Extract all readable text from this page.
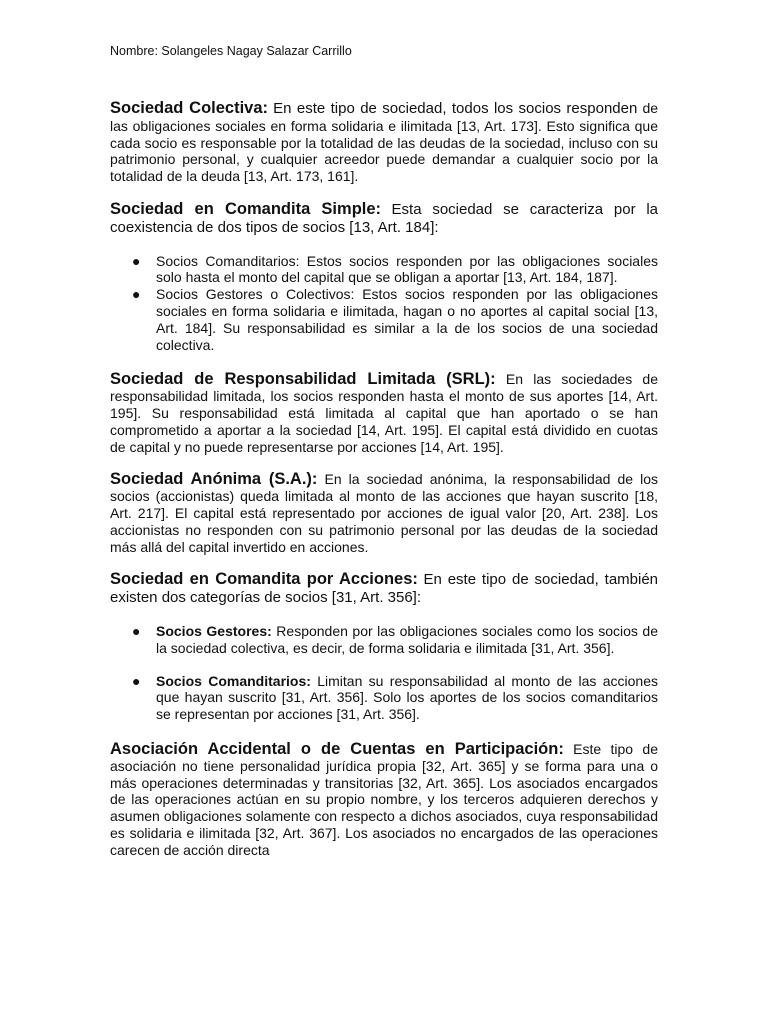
Nombre: Solangeles Nagay Salazar Carrillo

Sociedad Colectiva: En este tipo de sociedad, todos los socios responden de las obligaciones sociales en forma solidaria e ilimitada [13, Art. 173]. Esto significa que cada socio es responsable por la totalidad de las deudas de la sociedad, incluso con su patrimonio personal, y cualquier acreedor puede demandar a cualquier socio por la totalidad de la deuda [13, Art. 173, 161].

Sociedad en Comandita Simple: Esta sociedad se caracteriza por la coexistencia de dos tipos de socios [13, Art. 184]:

● Socios Comanditarios: Estos socios responden por las obligaciones sociales solo hasta el monto del capital que se obligan a aportar [13, Art. 184, 187].
● Socios Gestores o Colectivos: Estos socios responden por las obligaciones sociales en forma solidaria e ilimitada, hagan o no aportes al capital social [13, Art. 184]. Su responsabilidad es similar a la de los socios de una sociedad colectiva.

Sociedad de Responsabilidad Limitada (SRL): En las sociedades de responsabilidad limitada, los socios responden hasta el monto de sus aportes [14, Art. 195]. Su responsabilidad está limitada al capital que han aportado o se han comprometido a aportar a la sociedad [14, Art. 195]. El capital está dividido en cuotas de capital y no puede representarse por acciones [14, Art. 195].

Sociedad Anónima (S.A.): En la sociedad anónima, la responsabilidad de los socios (accionistas) queda limitada al monto de las acciones que hayan suscrito [18, Art. 217]. El capital está representado por acciones de igual valor [20, Art. 238]. Los accionistas no responden con su patrimonio personal por las deudas de la sociedad más allá del capital invertido en acciones.

Sociedad en Comandita por Acciones: En este tipo de sociedad, también existen dos categorías de socios [31, Art. 356]:

● Socios Gestores: Responden por las obligaciones sociales como los socios de la sociedad colectiva, es decir, de forma solidaria e ilimitada [31, Art. 356].
● Socios Comanditarios: Limitan su responsabilidad al monto de las acciones que hayan suscrito [31, Art. 356]. Solo los aportes de los socios comanditarios se representan por acciones [31, Art. 356].

Asociación Accidental o de Cuentas en Participación: Este tipo de asociación no tiene personalidad jurídica propia [32, Art. 365] y se forma para una o más operaciones determinadas y transitorias [32, Art. 365]. Los asociados encargados de las operaciones actúan en su propio nombre, y los terceros adquieren derechos y asumen obligaciones solamente con respecto a dichos asociados, cuya responsabilidad es solidaria e ilimitada [32, Art. 367]. Los asociados no encargados de las operaciones carecen de acción directa
